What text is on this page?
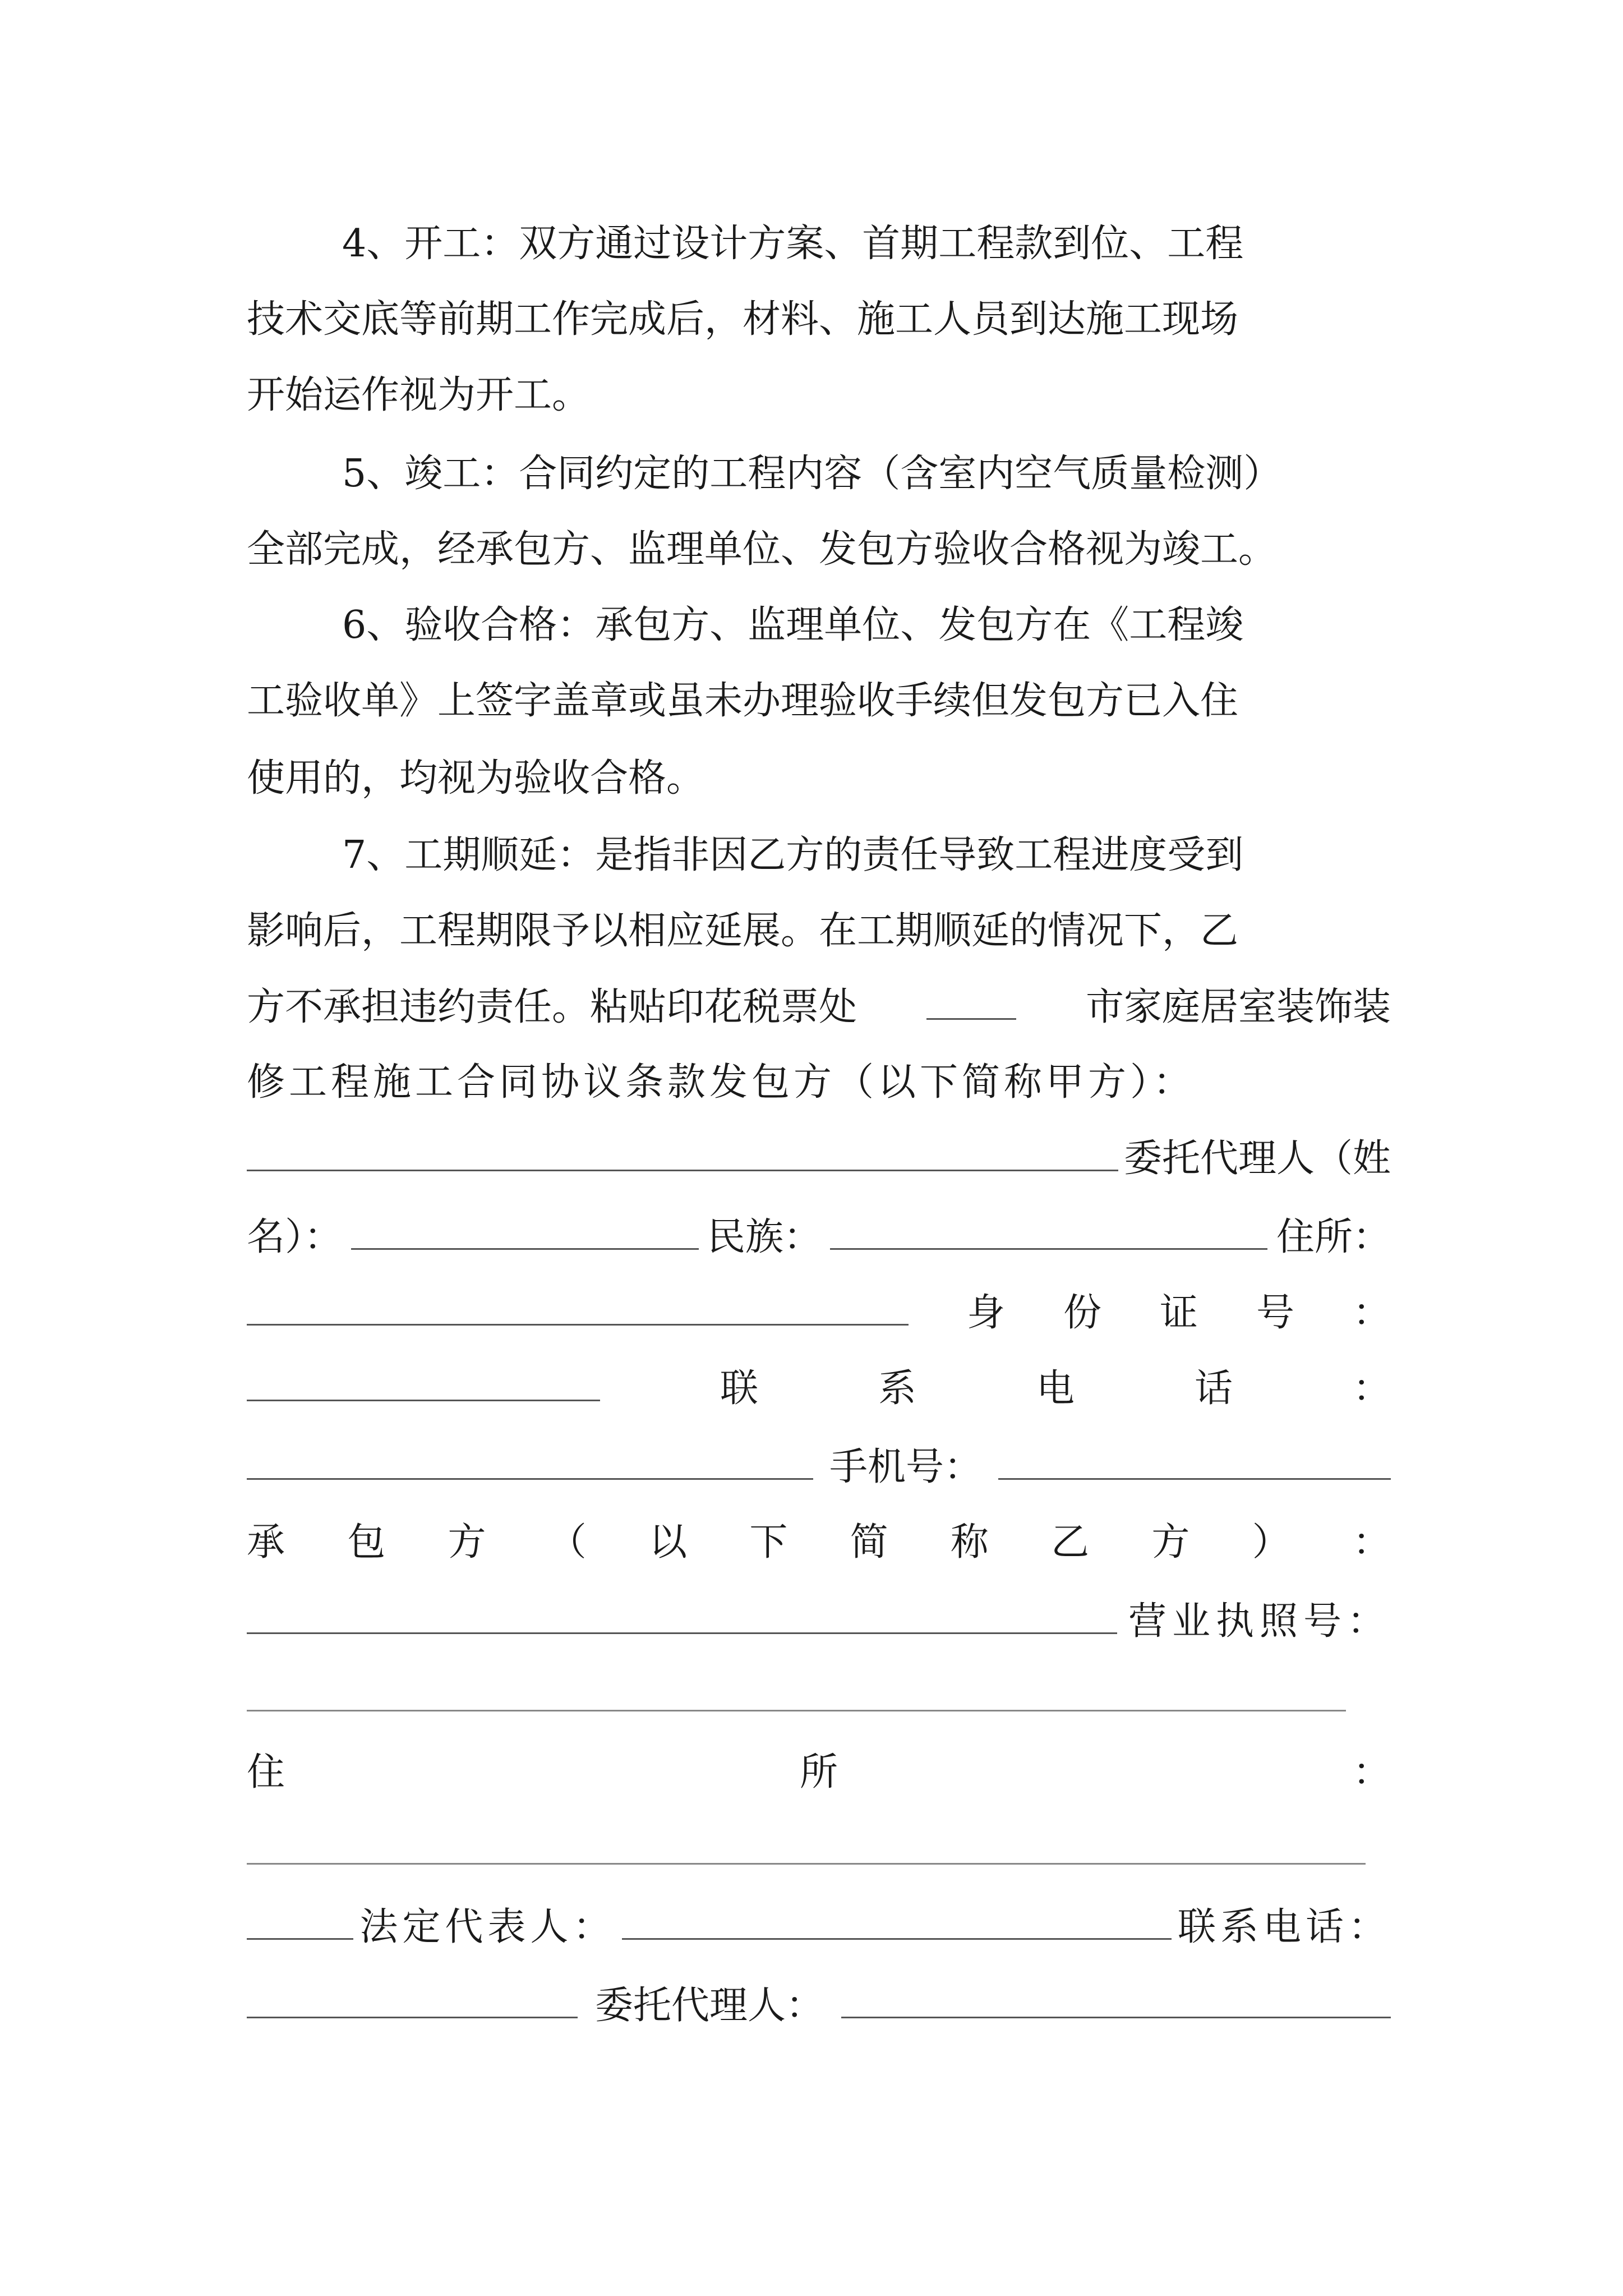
4、开工：双方通过设计方案、首期工程款到位、工程
技术交底等前期工作完成后，材料、施工人员到达施工现场
开始运作视为开工。
5、竣工：合同约定的工程内容（含室内空气质量检测）
全部完成，经承包方、监理单位、发包方验收合格视为竣工。
6、验收合格：承包方、监理单位、发包方在《工程竣
工验收单》上签字盖章或虽未办理验收手续但发包方已入住
使用的，均视为验收合格。
7、工期顺延：是指非因乙方的责任导致工程进度受到
影响后，工程期限予以相应延展。在工期顺延的情况下，乙
方不承担违约责任。粘贴印花税票处	市家庭居室装饰装
修工程施工合同协议条款发包方（以下简称甲方）：
委托代理人（姓
名）：	民族：	住所：
身 份 证 号 ：
联	系	电	话	：
手机号：
承 包 方 （ 以 下 简 称 乙 方 ） ：
营业执照号：
住	所	：
法定代表人：	联系电话：
委托代理人：
